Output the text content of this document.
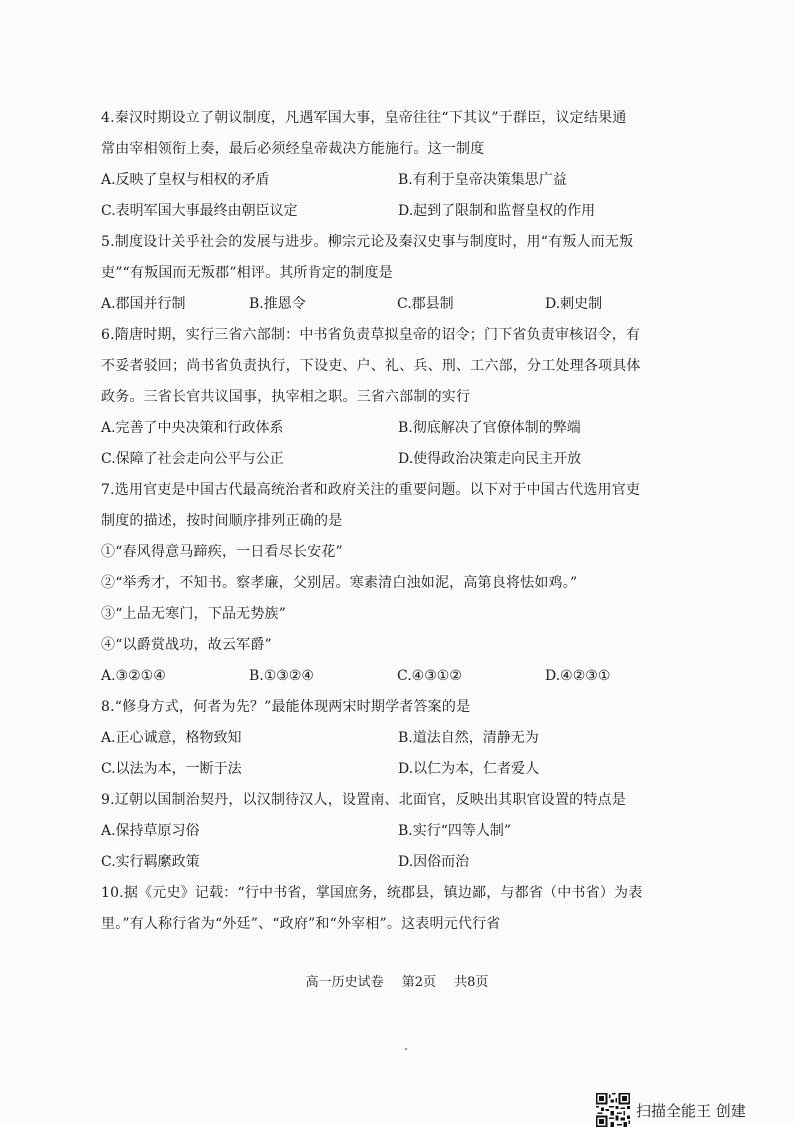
4.秦汉时期设立了朝议制度，凡遇军国大事，皇帝往往“下其议”于群臣，议定结果通
常由宰相领衔上奏，最后必须经皇帝裁决方能施行。这一制度
A.反映了皇权与相权的矛盾	B.有利于皇帝决策集思广益
C.表明军国大事最终由朝臣议定	D.起到了限制和监督皇权的作用
5.制度设计关乎社会的发展与进步。柳宗元论及秦汉史事与制度时，用“有叛人而无叛
吏”“有叛国而无叛郡”相评。其所肯定的制度是
A.郡国并行制	B.推恩令	C.郡县制	D.刺史制
6.隋唐时期，实行三省六部制：中书省负责草拟皇帝的诏令；门下省负责审核诏令，有
不妥者驳回；尚书省负责执行，下设吏、户、礼、兵、刑、工六部，分工处理各项具体
政务。三省长官共议国事，执宰相之职。三省六部制的实行
A.完善了中央决策和行政体系	B.彻底解决了官僚体制的弊端
C.保障了社会走向公平与公正	D.使得政治决策走向民主开放
7.选用官吏是中国古代最高统治者和政府关注的重要问题。以下对于中国古代选用官吏
制度的描述，按时间顺序排列正确的是
①“春风得意马蹄疾，一日看尽长安花”
②“举秀才，不知书。察孝廉，父别居。寒素清白浊如泥，高第良将怯如鸡。”
③“上品无寒门，下品无势族”
④“以爵赏战功，故云军爵”
A.③②①④	B.①③②④	C.④③①②	D.④②③①
8.“修身方式，何者为先？”最能体现两宋时期学者答案的是
A.正心诚意，格物致知	B.道法自然，清静无为
C.以法为本，一断于法	D.以仁为本，仁者爱人
9.辽朝以国制治契丹，以汉制待汉人，设置南、北面官，反映出其职官设置的特点是
A.保持草原习俗	B.实行“四等人制”
C.实行羁縻政策	D.因俗而治
10.据《元史》记载：“行中书省，掌国庶务，统郡县，镇边鄙，与都省（中书省）为表
里。”有人称行省为“外廷”、“政府”和“外宰相”。这表明元代行省
高一历史试卷 第2页 共8页
扫描全能王 创建
